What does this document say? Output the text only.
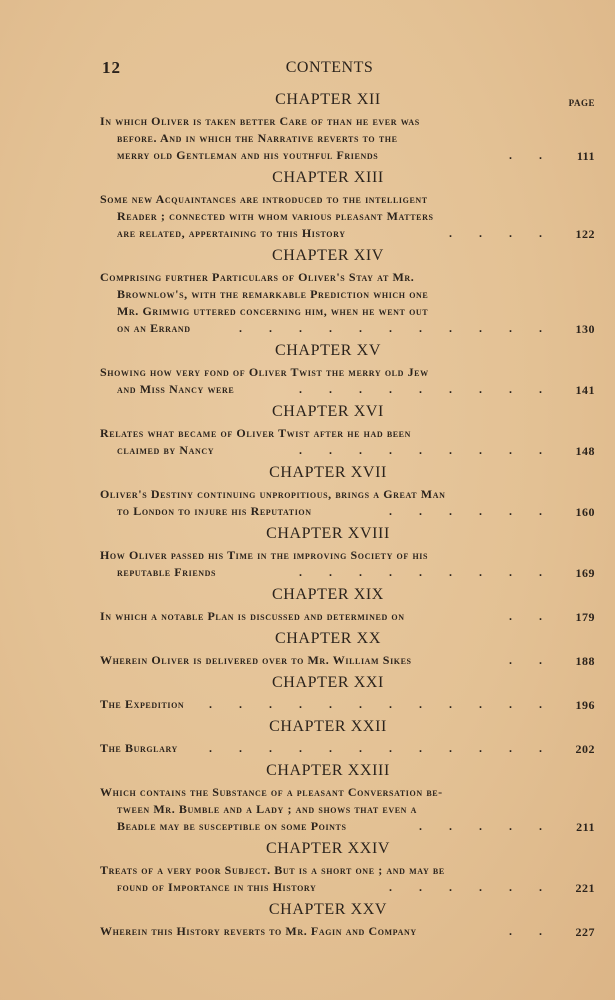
12	CONTENTS
CHAPTER XII	PAGE
In which Oliver is taken better Care of than he ever was
before. And in which the Narrative reverts to the
merry old Gentleman and his youthful Friends	. . 111
CHAPTER XIII
Some new Acquaintances are introduced to the intelligent
Reader ; connected with whom various pleasant Matters
are related, appertaining to this History	. . . . 122
CHAPTER XIV
Comprising further Particulars of Oliver's Stay at Mr.
Brownlow's, with the remarkable Prediction which one
Mr. Grimwig uttered concerning him, when he went out
on an Errand	. . . . . . . . . . . 130
CHAPTER XV
Showing how very fond of Oliver Twist the merry old Jew
and Miss Nancy were	. . . . . . . . . 141
CHAPTER XVI
Relates what became of Oliver Twist after he had been
claimed by Nancy	. . . . . . . . . 148
CHAPTER XVII
Oliver's Destiny continuing unpropitious, brings a Great Man
to London to injure his Reputation	. . . . . . 160
CHAPTER XVIII
How Oliver passed his Time in the improving Society of his
reputable Friends	. . . . . . . . . 169
CHAPTER XIX
In which a notable Plan is discussed and determined on	. . 179
CHAPTER XX
Wherein Oliver is delivered over to Mr. William Sikes	. . 188
CHAPTER XXI
The Expedition	. . . . . . . . . . . . 196
CHAPTER XXII
The Burglary	. . . . . . . . . . . . 202
CHAPTER XXIII
Which contains the Substance of a pleasant Conversation be-
tween Mr. Bumble and a Lady ; and shows that even a
Beadle may be susceptible on some Points	. . . . . 211
CHAPTER XXIV
Treats of a very poor Subject. But is a short one ; and may be
found of Importance in this History	. . . . . . 221
CHAPTER XXV
Wherein this History reverts to Mr. Fagin and Company	. . 227
